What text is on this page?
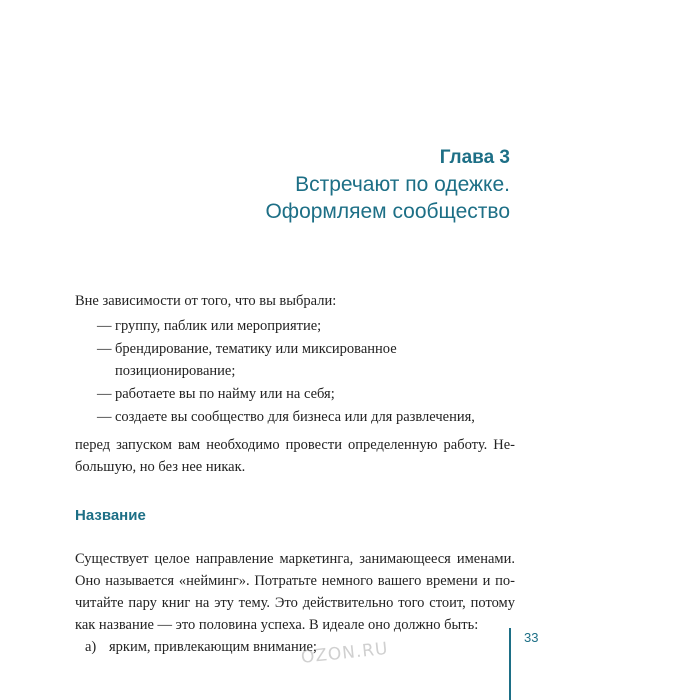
Глава 3

Встречают по одежке.

Оформляем сообщество

Вне зависимости от того, что вы выбрали:

— группу, паблик или мероприятие;
— брендирование, тематику или миксированное позиционирование;
— работаете вы по найму или на себя;
— создаете вы сообщество для бизнеса или для развлечения,

перед запуском вам необходимо провести определенную работу. Не-большую, но без нее никак.

Название

Существует целое направление маркетинга, занимающееся именами. Оно называется «нейминг». Потратьте немного вашего времени и по-читайте пару книг на эту тему. Это действительно того стоит, потому как название — это половина успеха. В идеале оно должно быть:

а) ярким, привлекающим внимание;
33
OZON.RU
